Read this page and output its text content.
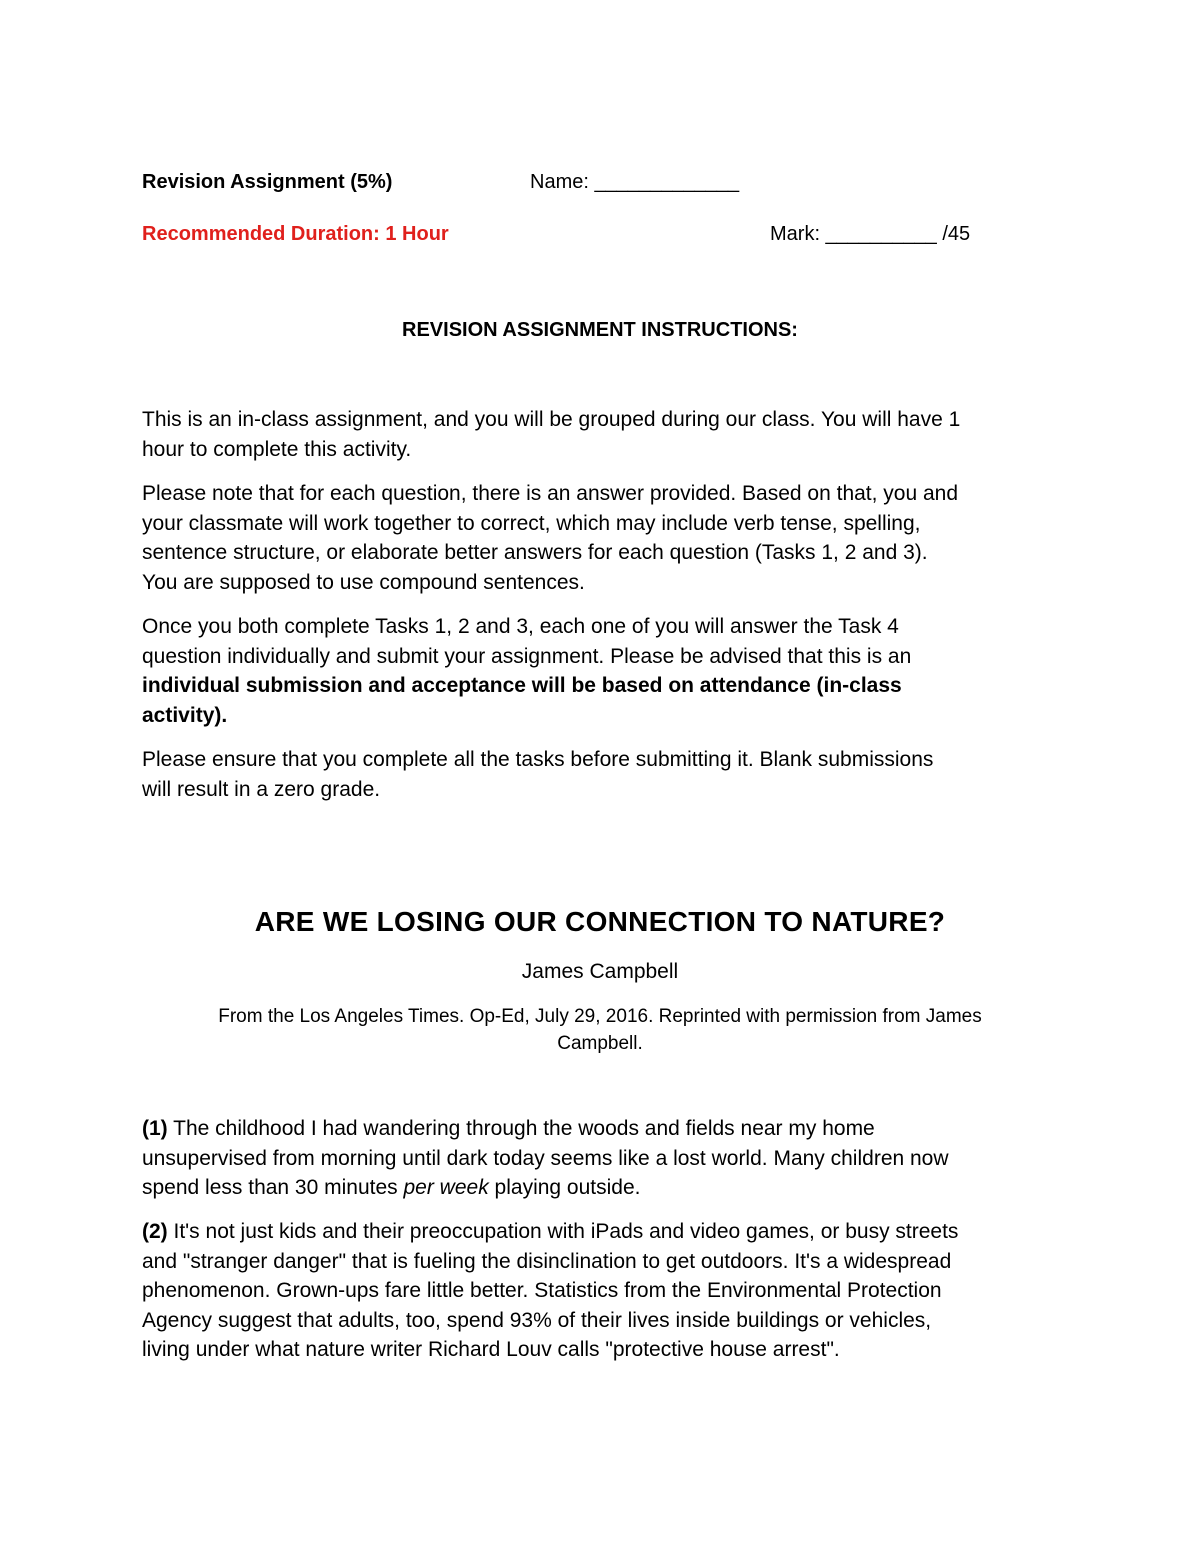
Revision Assignment (5%)	Name: _____________
Recommended Duration: 1 Hour	Mark: __________ /45
REVISION ASSIGNMENT INSTRUCTIONS:
This is an in-class assignment, and you will be grouped during our class. You will have 1
hour to complete this activity.
Please note that for each question, there is an answer provided. Based on that, you and
your classmate will work together to correct, which may include verb tense, spelling,
sentence structure, or elaborate better answers for each question (Tasks 1, 2 and 3).
You are supposed to use compound sentences.
Once you both complete Tasks 1, 2 and 3, each one of you will answer the Task 4
question individually and submit your assignment. Please be advised that this is an
individual submission and acceptance will be based on attendance (in-class
activity).
Please ensure that you complete all the tasks before submitting it. Blank submissions
will result in a zero grade.
ARE WE LOSING OUR CONNECTION TO NATURE?
James Campbell
From the Los Angeles Times. Op-Ed, July 29, 2016. Reprinted with permission from James
Campbell.
(1) The childhood I had wandering through the woods and fields near my home
unsupervised from morning until dark today seems like a lost world. Many children now
spend less than 30 minutes per week playing outside.
(2) It's not just kids and their preoccupation with iPads and video games, or busy streets
and "stranger danger" that is fueling the disinclination to get outdoors. It's a widespread
phenomenon. Grown-ups fare little better. Statistics from the Environmental Protection
Agency suggest that adults, too, spend 93% of their lives inside buildings or vehicles,
living under what nature writer Richard Louv calls "protective house arrest".
